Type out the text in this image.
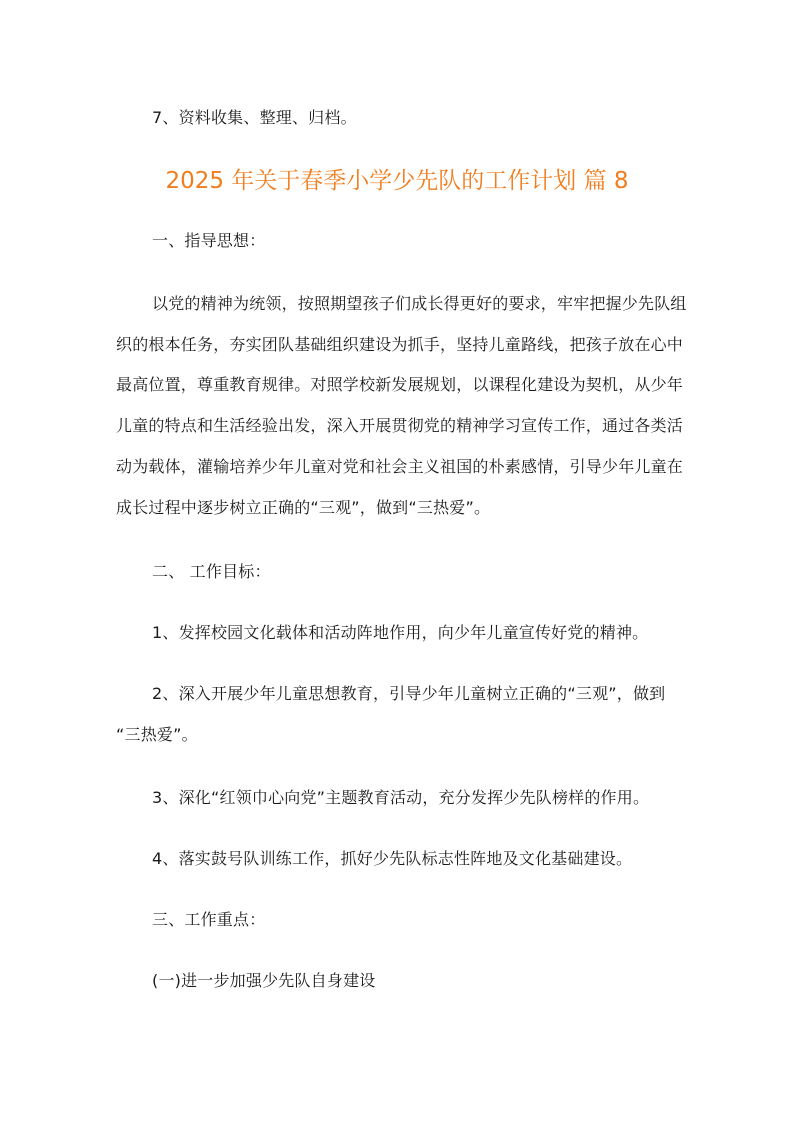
7、资料收集、整理、归档。
2025 年关于春季小学少先队的工作计划 篇 8
一、指导思想：
以党的精神为统领，按照期望孩子们成长得更好的要求，牢牢把握少先队组
织的根本任务，夯实团队基础组织建设为抓手，坚持儿童路线，把孩子放在心中
最高位置，尊重教育规律。对照学校新发展规划，以课程化建设为契机，从少年
儿童的特点和生活经验出发，深入开展贯彻党的精神学习宣传工作，通过各类活
动为载体，灌输培养少年儿童对党和社会主义祖国的朴素感情，引导少年儿童在
成长过程中逐步树立正确的“三观”，做到“三热爱”。
二、 工作目标：
1、发挥校园文化载体和活动阵地作用，向少年儿童宣传好党的精神。
2、深入开展少年儿童思想教育，引导少年儿童树立正确的“三观”，做到
“三热爱”。
3、深化“红领巾心向党”主题教育活动，充分发挥少先队榜样的作用。
4、落实鼓号队训练工作，抓好少先队标志性阵地及文化基础建设。
三、工作重点：
(一)进一步加强少先队自身建设
